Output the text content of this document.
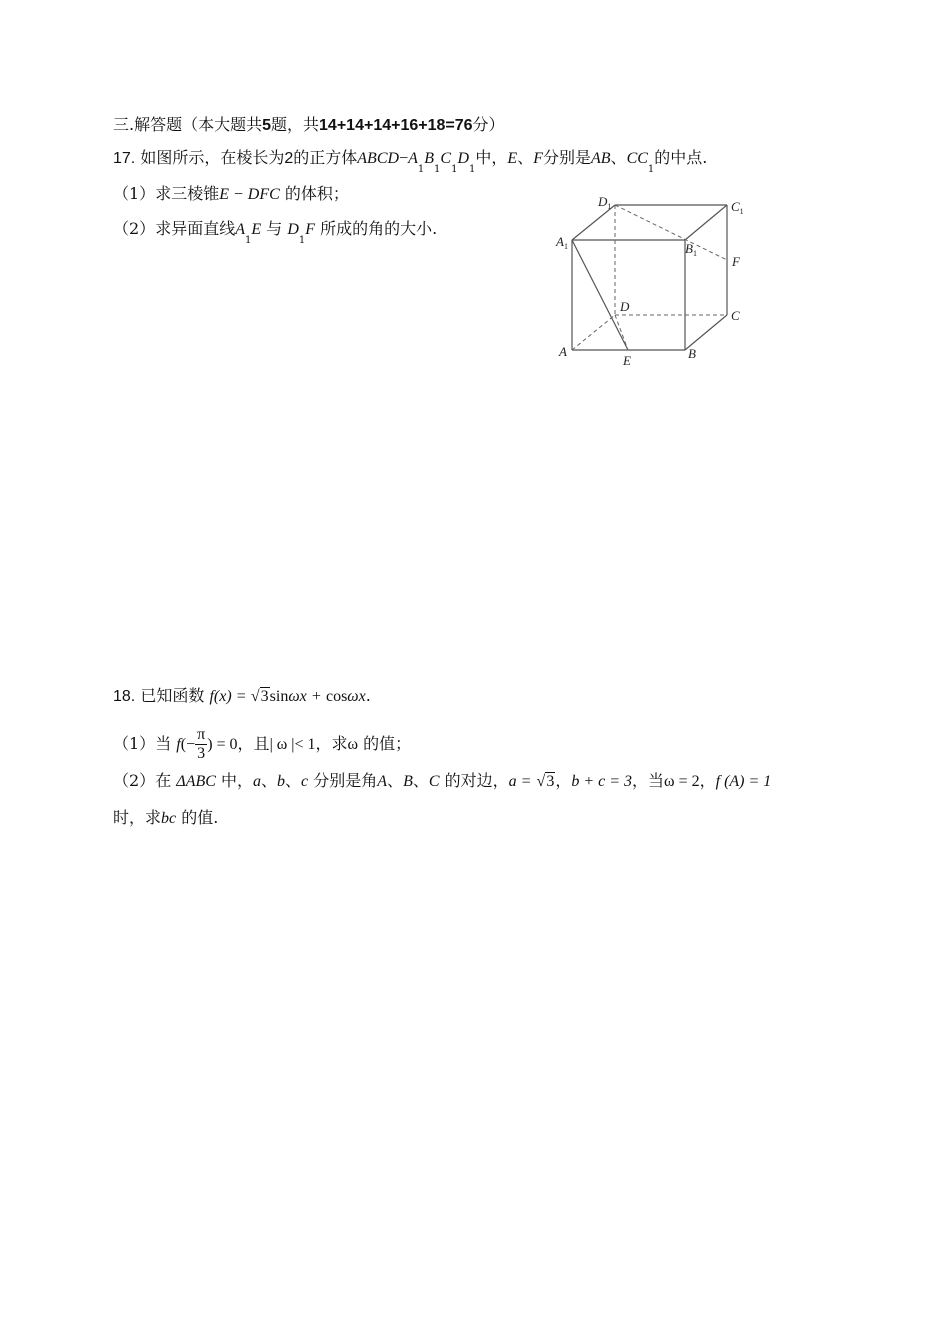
三.解答题（本大题共5题，共14+14+14+16+18=76分）
17. 如图所示，在棱长为2的正方体$ABCD-A_1B_1C_1D_1$中，E、F分别是AB、$CC_1$的中点.
（1）求三棱锥E − DFC 的体积；
（2）求异面直线$A_1E$ 与 $D_1F$ 所成的角的大小.
$D_1$	$C_1$
$A_1$	$B_1$
F
D
C
A
E	B
18. 已知函数 f(x) = √3sinωx + cosωx.
（1）当 $f(- \frac{\pi}{3}$ ) = 0，且| ω |< 1，求ω 的值；
（2）在 ΔABC 中，a、b、c 分别是角A、B、C 的对边，a = √3，b + c = 3，当ω = 2，f (A) = 1
时，求bc 的值.
